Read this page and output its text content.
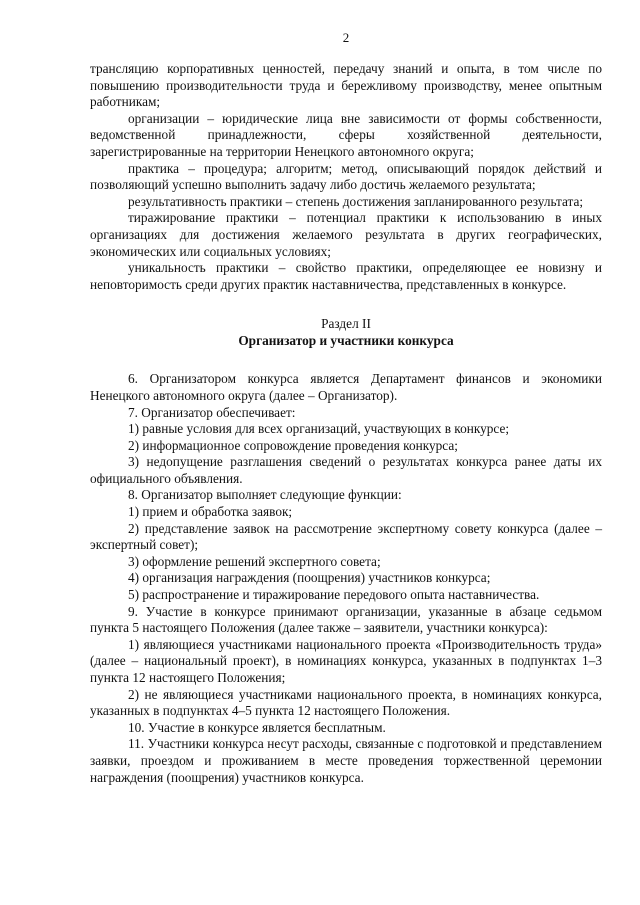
2

трансляцию корпоративных ценностей, передачу знаний и опыта, в том числе по повышению производительности труда и бережливому производству, менее опытным работникам;

организации – юридические лица вне зависимости от формы собственности, ведомственной принадлежности, сферы хозяйственной деятельности, зарегистрированные на территории Ненецкого автономного округа;

практика – процедура; алгоритм; метод, описывающий порядок действий и позволяющий успешно выполнить задачу либо достичь желаемого результата;

результативность практики – степень достижения запланированного результата;

тиражирование практики – потенциал практики к использованию в иных организациях для достижения желаемого результата в других географических, экономических или социальных условиях;

уникальность практики – свойство практики, определяющее ее новизну и неповторимость среди других практик наставничества, представленных в конкурсе.

Раздел II
Организатор и участники конкурса

6. Организатором конкурса является Департамент финансов и экономики Ненецкого автономного округа (далее – Организатор).

7. Организатор обеспечивает:

1) равные условия для всех организаций, участвующих в конкурсе;

2) информационное сопровождение проведения конкурса;

3) недопущение разглашения сведений о результатах конкурса ранее даты их официального объявления.

8. Организатор выполняет следующие функции:

1) прием и обработка заявок;

2) представление заявок на рассмотрение экспертному совету конкурса (далее – экспертный совет);

3) оформление решений экспертного совета;

4) организация награждения (поощрения) участников конкурса;

5) распространение и тиражирование передового опыта наставничества.

9. Участие в конкурсе принимают организации, указанные в абзаце седьмом пункта 5 настоящего Положения (далее также – заявители, участники конкурса):

1) являющиеся участниками национального проекта «Производительность труда» (далее – национальный проект), в номинациях конкурса, указанных в подпунктах 1–3 пункта 12 настоящего Положения;

2) не являющиеся участниками национального проекта, в номинациях конкурса, указанных в подпунктах 4–5 пункта 12 настоящего Положения.

10. Участие в конкурсе является бесплатным.

11. Участники конкурса несут расходы, связанные с подготовкой и представлением заявки, проездом и проживанием в месте проведения торжественной церемонии награждения (поощрения) участников конкурса.
